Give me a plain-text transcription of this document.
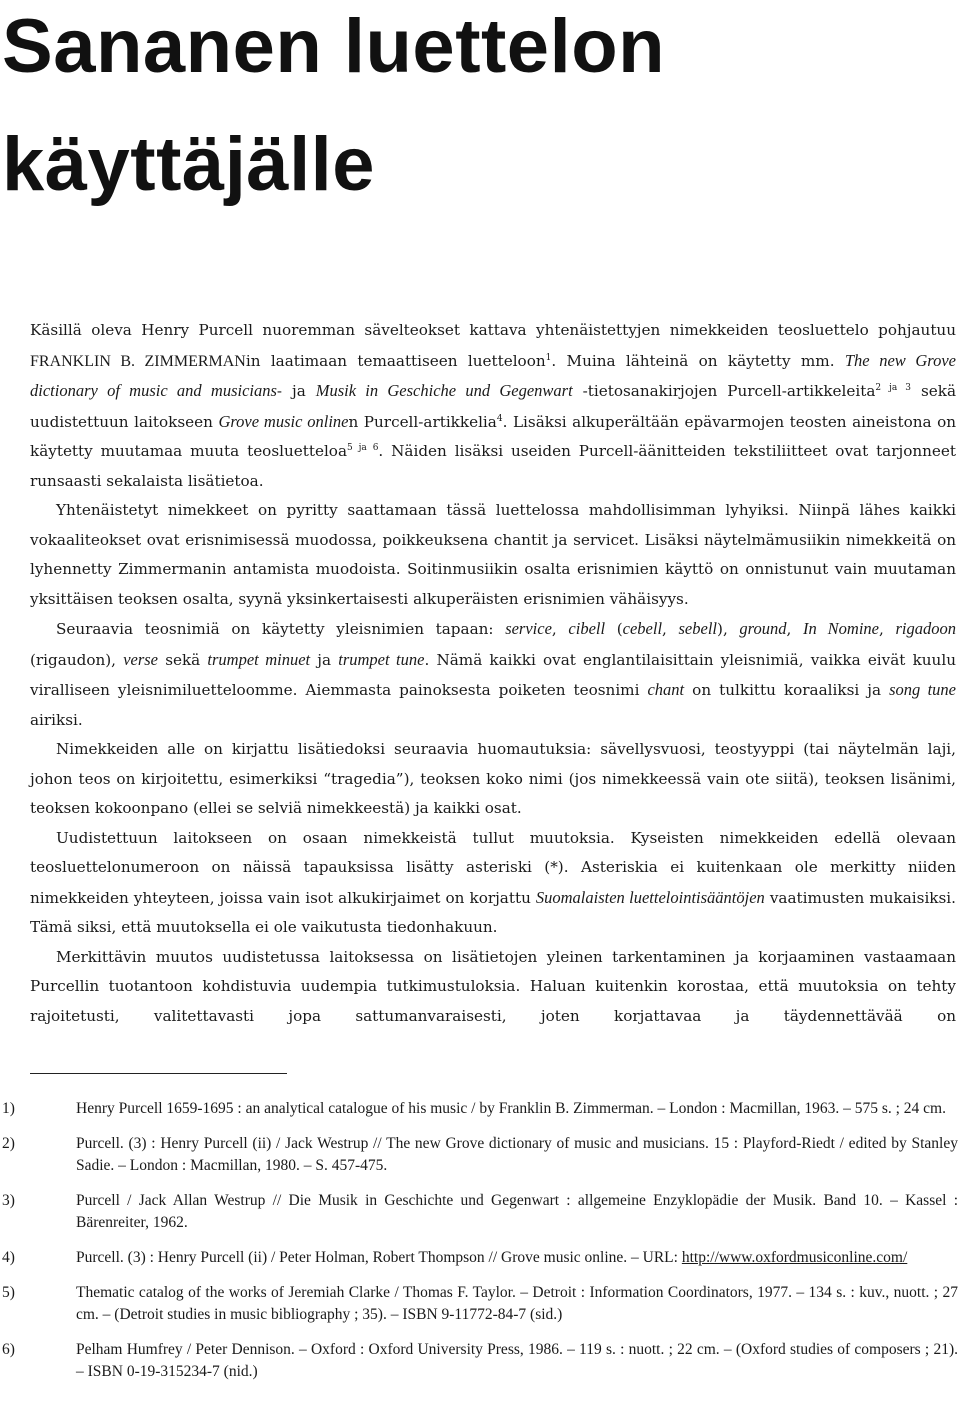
Sananen luettelon käyttäjälle

Käsillä oleva Henry Purcell nuoremman sävelteokset kattava yhtenäistettyjen nimekkeiden teosluettelo pohjautuu FRANKLIN B. ZIMMERMANin laatimaan temaattiseen luetteloon$^1$. Muina lähteinä on käytetty mm. The new Grove dictionary of music and musicians- ja Musik in Geschiche und Gegenwart -tietosanakirjojen Purcell-artikkeleita$^{2 ja 3}$ sekä uudistettuun laitokseen Grove music onlinen Purcell-artikkelia$^4$. Lisäksi alkuperältään epävarmojen teosten aineistona on käytetty muutamaa muuta teosluetteloa$^{5 ja 6}$. Näiden lisäksi useiden Purcell-äänitteiden tekstiliitteet ovat tarjonneet runsaasti sekalaista lisätietoa.

Yhtenäistetyt nimekkeet on pyritty saattamaan tässä luettelossa mahdollisimman lyhyiksi. Niinpä lähes kaikki vokaaliteokset ovat erisnimisessä muodossa, poikkeuksena chantit ja servicet. Lisäksi näytelmämusiikin nimekkeitä on lyhennetty Zimmermanin antamista muodoista. Soitinmusiikin osalta erisnimien käyttö on onnistunut vain muutaman yksittäisen teoksen osalta, syynä yksinkertaisesti alkuperäisten erisnimien vähäisyys.

Seuraavia teosnimiä on käytetty yleisnimien tapaan: service, cibell (cebell, sebell), ground, In Nomine, rigadoon (rigaudon), verse sekä trumpet minuet ja trumpet tune. Nämä kaikki ovat englantilaisittain yleisnimiä, vaikka eivät kuulu viralliseen yleisnimiluetteloomme. Aiemmasta painoksesta poiketen teosnimi chant on tulkittu koraaliksi ja song tune airiksi.

Nimekkeiden alle on kirjattu lisätiedoksi seuraavia huomautuksia: sävellysvuosi, teostyyppi (tai näytelmän laji, johon teos on kirjoitettu, esimerkiksi “tragedia”), teoksen koko nimi (jos nimekkeessä vain ote siitä), teoksen lisänimi, teoksen kokoonpano (ellei se selviä nimekkeestä) ja kaikki osat.

Uudistettuun laitokseen on osaan nimekkeistä tullut muutoksia. Kyseisten nimekkeiden edellä olevaan teosluettelonumeroon on näissä tapauksissa lisätty asteriski (*). Asteriskia ei kuitenkaan ole merkitty niiden nimekkeiden yhteyteen, joissa vain isot alkukirjaimet on korjattu Suomalaisten luettelointisääntöjen vaatimusten mukaisiksi. Tämä siksi, että muutoksella ei ole vaikutusta tiedonhakuun.

Merkittävin muutos uudistetussa laitoksessa on lisätietojen yleinen tarkentaminen ja korjaaminen vastaamaan Purcellin tuotantoon kohdistuvia uudempia tutkimustuloksia. Haluan kuitenkin korostaa, että muutoksia on tehty rajoitetusti, valitettavasti jopa sattumanvaraisesti, joten korjattavaa ja täydennettävää on

1)	Henry Purcell 1659-1695 : an analytical catalogue of his music / by Franklin B. Zimmerman. – London : Macmillan, 1963. – 575 s. ; 24 cm.
2)	Purcell. (3) : Henry Purcell (ii) / Jack Westrup // The new Grove dictionary of music and musicians. 15 : Playford-Riedt / edited by Stanley Sadie. – London : Macmillan, 1980. – S. 457-475.
3)	Purcell / Jack Allan Westrup // Die Musik in Geschichte und Gegenwart : allgemeine Enzyklopädie der Musik. Band 10. – Kassel : Bärenreiter, 1962.
4)	Purcell. (3) : Henry Purcell (ii) / Peter Holman, Robert Thompson // Grove music online. – URL: http://www.oxfordmusiconline.com/
5)	Thematic catalog of the works of Jeremiah Clarke / Thomas F. Taylor. – Detroit : Information Coordinators, 1977. – 134 s. : kuv., nuott. ; 27 cm. – (Detroit studies in music bibliography ; 35). – ISBN 9-11772-84-7 (sid.)
6)	Pelham Humfrey / Peter Dennison. – Oxford : Oxford University Press, 1986. – 119 s. : nuott. ; 22 cm. – (Oxford studies of composers ; 21). – ISBN 0-19-315234-7 (nid.)
